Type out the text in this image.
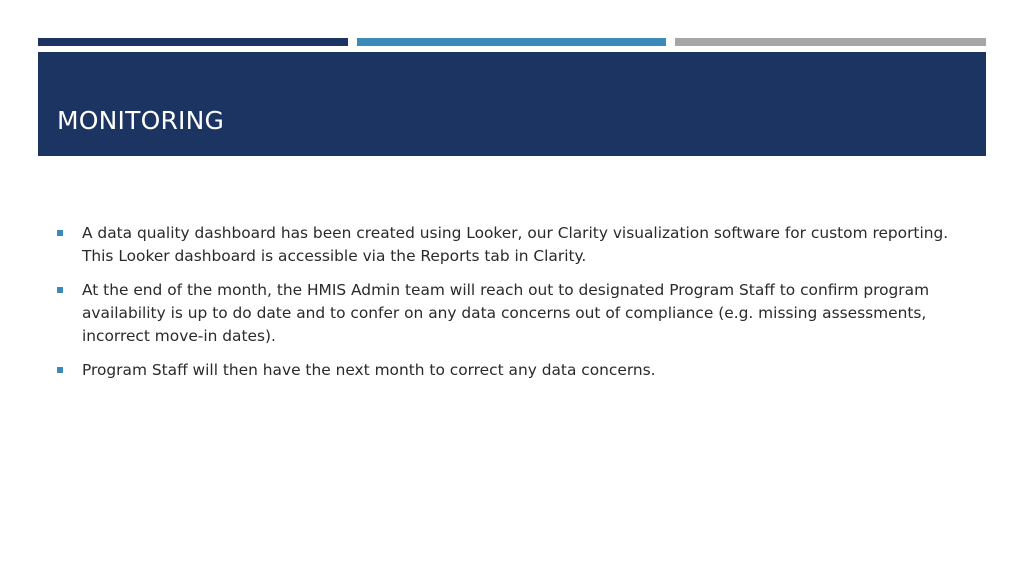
MONITORING
A data quality dashboard has been created using Looker, our Clarity visualization software for custom reporting. This Looker dashboard is accessible via the Reports tab in Clarity.
At the end of the month, the HMIS Admin team will reach out to designated Program Staff to confirm program availability is up to do date and to confer on any data concerns out of compliance (e.g. missing assessments, incorrect move-in dates).
Program Staff will then have the next month to correct any data concerns.
